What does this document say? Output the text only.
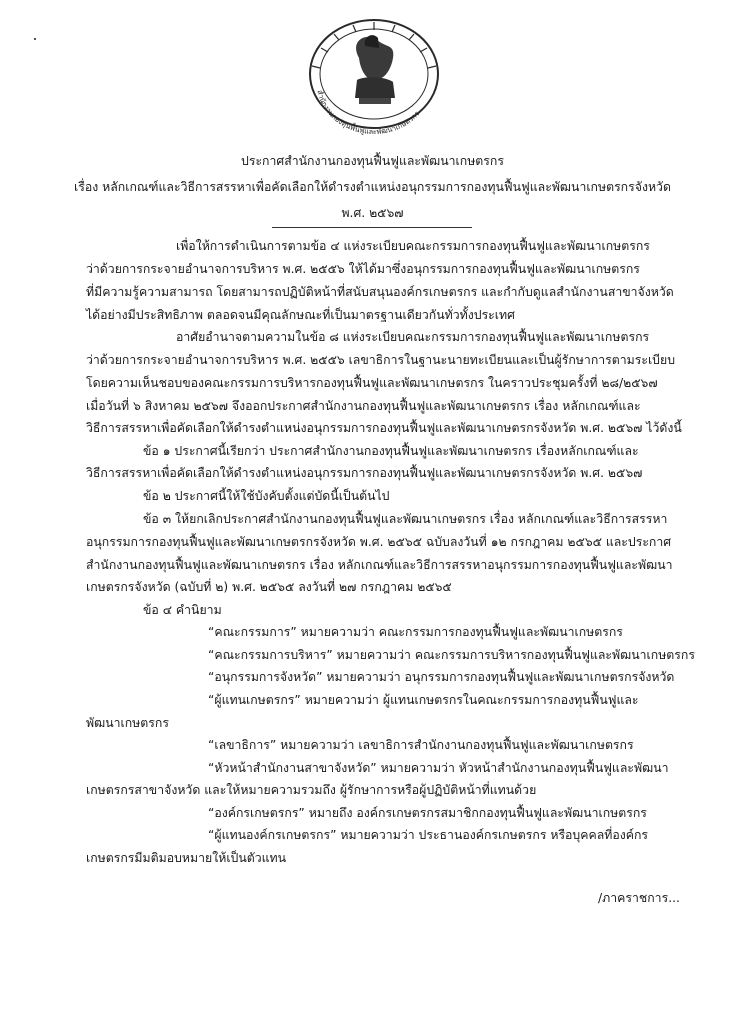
สำนักงานกองทุนฟื้นฟูและพัฒนาเกษตรกร
ประกาศสำนักงานกองทุนฟื้นฟูและพัฒนาเกษตรกร
เรื่อง หลักเกณฑ์และวิธีการสรรหาเพื่อคัดเลือกให้ดำรงตำแหน่งอนุกรรมการกองทุนฟื้นฟูและพัฒนาเกษตรกรจังหวัด
พ.ศ. ๒๕๖๗
เพื่อให้การดำเนินการตามข้อ ๔ แห่งระเบียบคณะกรรมการกองทุนฟื้นฟูและพัฒนาเกษตรกร
ว่าด้วยการกระจายอำนาจการบริหาร พ.ศ. ๒๕๕๖ ให้ได้มาซึ่งอนุกรรมการกองทุนฟื้นฟูและพัฒนาเกษตรกร
ที่มีความรู้ความสามารถ โดยสามารถปฏิบัติหน้าที่สนับสนุนองค์กรเกษตรกร และกำกับดูแลสำนักงานสาขาจังหวัด
ได้อย่างมีประสิทธิภาพ ตลอดจนมีคุณลักษณะที่เป็นมาตรฐานเดียวกันทั่วทั้งประเทศ
อาศัยอำนาจตามความในข้อ ๘ แห่งระเบียบคณะกรรมการกองทุนฟื้นฟูและพัฒนาเกษตรกร
ว่าด้วยการกระจายอำนาจการบริหาร พ.ศ. ๒๕๕๖ เลขาธิการในฐานะนายทะเบียนและเป็นผู้รักษาการตามระเบียบ
โดยความเห็นชอบของคณะกรรมการบริหารกองทุนฟื้นฟูและพัฒนาเกษตรกร ในคราวประชุมครั้งที่ ๒๘/๒๕๖๗
เมื่อวันที่ ๖ สิงหาคม ๒๕๖๗ จึงออกประกาศสำนักงานกองทุนฟื้นฟูและพัฒนาเกษตรกร เรื่อง หลักเกณฑ์และ
วิธีการสรรหาเพื่อคัดเลือกให้ดำรงตำแหน่งอนุกรรมการกองทุนฟื้นฟูและพัฒนาเกษตรกรจังหวัด พ.ศ. ๒๕๖๗ ไว้ดังนี้
ข้อ ๑ ประกาศนี้เรียกว่า ประกาศสำนักงานกองทุนฟื้นฟูและพัฒนาเกษตรกร เรื่องหลักเกณฑ์และ
วิธีการสรรหาเพื่อคัดเลือกให้ดำรงตำแหน่งอนุกรรมการกองทุนฟื้นฟูและพัฒนาเกษตรกรจังหวัด พ.ศ. ๒๕๖๗
ข้อ ๒ ประกาศนี้ให้ใช้บังคับตั้งแต่บัดนี้เป็นต้นไป
ข้อ ๓ ให้ยกเลิกประกาศสำนักงานกองทุนฟื้นฟูและพัฒนาเกษตรกร เรื่อง หลักเกณฑ์และวิธีการสรรหา
อนุกรรมการกองทุนฟื้นฟูและพัฒนาเกษตรกรจังหวัด พ.ศ. ๒๕๖๕ ฉบับลงวันที่ ๑๒ กรกฎาคม ๒๕๖๕ และประกาศ
สำนักงานกองทุนฟื้นฟูและพัฒนาเกษตรกร เรื่อง หลักเกณฑ์และวิธีการสรรหาอนุกรรมการกองทุนฟื้นฟูและพัฒนา
เกษตรกรจังหวัด (ฉบับที่ ๒) พ.ศ. ๒๕๖๕ ลงวันที่ ๒๗ กรกฎาคม ๒๕๖๕
ข้อ ๔ คำนิยาม
“คณะกรรมการ” หมายความว่า คณะกรรมการกองทุนฟื้นฟูและพัฒนาเกษตรกร
“คณะกรรมการบริหาร” หมายความว่า คณะกรรมการบริหารกองทุนฟื้นฟูและพัฒนาเกษตรกร
“อนุกรรมการจังหวัด” หมายความว่า อนุกรรมการกองทุนฟื้นฟูและพัฒนาเกษตรกรจังหวัด
“ผู้แทนเกษตรกร” หมายความว่า ผู้แทนเกษตรกรในคณะกรรมการกองทุนฟื้นฟูและ
พัฒนาเกษตรกร
“เลขาธิการ” หมายความว่า เลขาธิการสำนักงานกองทุนฟื้นฟูและพัฒนาเกษตรกร
“หัวหน้าสำนักงานสาขาจังหวัด” หมายความว่า หัวหน้าสำนักงานกองทุนฟื้นฟูและพัฒนา
เกษตรกรสาขาจังหวัด และให้หมายความรวมถึง ผู้รักษาการหรือผู้ปฏิบัติหน้าที่แทนด้วย
“องค์กรเกษตรกร” หมายถึง องค์กรเกษตรกรสมาชิกกองทุนฟื้นฟูและพัฒนาเกษตรกร
“ผู้แทนองค์กรเกษตรกร” หมายความว่า ประธานองค์กรเกษตรกร หรือบุคคลที่องค์กร
เกษตรกรมีมติมอบหมายให้เป็นตัวแทน
/ภาคราชการ...
